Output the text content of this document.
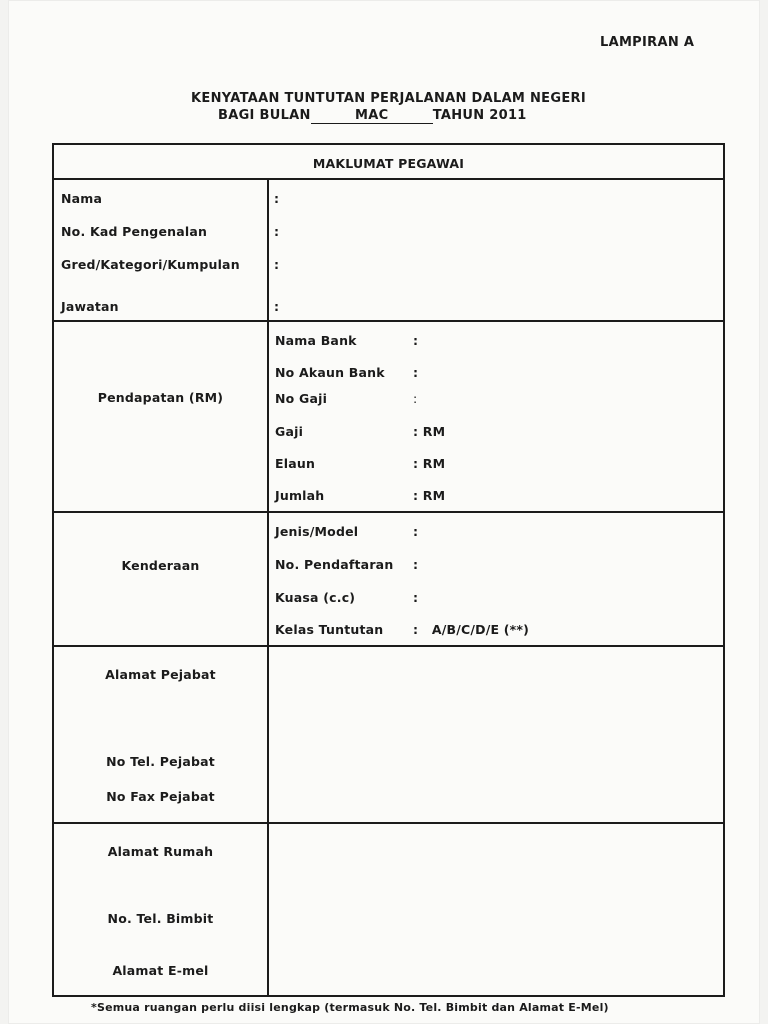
LAMPIRAN A
KENYATAAN TUNTUTAN PERJALANAN DALAM NEGERI
BAGI BULAN	MAC	TAHUN 2011
MAKLUMAT PEGAWAI
Nama	:
No. Kad Pengenalan	:
Gred/Kategori/Kumpulan	:
Jawatan	:
Pendapatan (RM)
Nama Bank	:
No Akaun Bank :
No Gaji	:
Gaji	: RM
Elaun	: RM
Jumlah	: RM
Kenderaan
Jenis/Model	:
No. Pendaftaran :
Kuasa (c.c)	:
Kelas Tuntutan :   A/B/C/D/E (**)
Alamat Pejabat
No Tel. Pejabat
No Fax Pejabat
Alamat Rumah
No. Tel. Bimbit
Alamat E-mel
*Semua ruangan perlu diisi lengkap (termasuk No. Tel. Bimbit dan Alamat E-Mel)
